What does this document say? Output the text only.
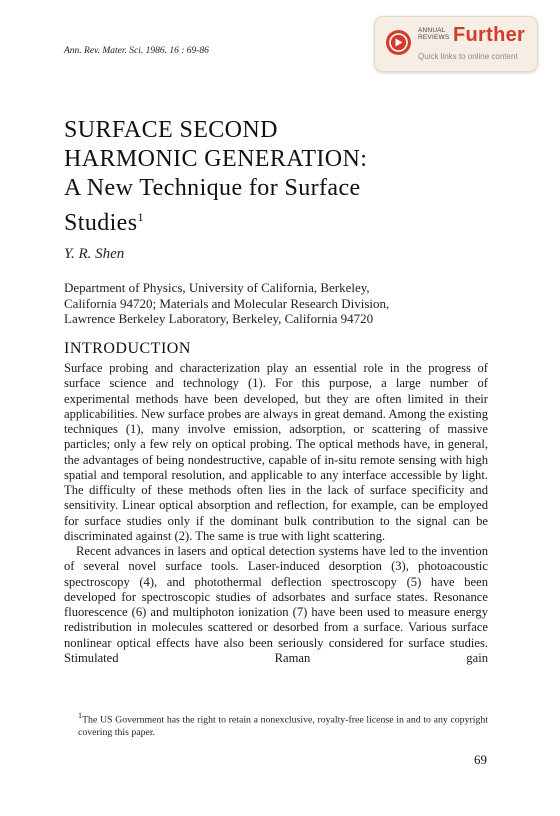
Ann. Rev. Mater. Sci. 1986. 16 : 69-86
ANNUAL
REVIEWS Further
Quick links to online content
SURFACE SECOND
HARMONIC GENERATION:
A New Technique for Surface
Studies$^1$
Y. R. Shen
Department of Physics, University of California, Berkeley,
California 94720; Materials and Molecular Research Division,
Lawrence Berkeley Laboratory, Berkeley, California 94720
INTRODUCTION

Surface probing and characterization play an essential role in the progress of surface science and technology (1). For this purpose, a large number of experimental methods have been developed, but they are often limited in their applicabilities. New surface probes are always in great demand. Among the existing techniques (1), many involve emission, adsorption, or scattering of massive particles; only a few rely on optical probing. The optical methods have, in general, the advantages of being nondestructive, capable of in-situ remote sensing with high spatial and temporal resolution, and applicable to any interface accessible by light. The difficulty of these methods often lies in the lack of surface specificity and sensitivity. Linear optical absorption and reflection, for example, can be employed for surface studies only if the dominant bulk contribution to the signal can be discriminated against (2). The same is true with light scattering.

Recent advances in lasers and optical detection systems have led to the invention of several novel surface tools. Laser-induced desorption (3), photoacoustic spectroscopy (4), and photothermal deflection spectroscopy (5) have been developed for spectroscopic studies of adsorbates and surface states. Resonance fluorescence (6) and multiphoton ionization (7) have been used to measure energy redistribution in molecules scattered or desorbed from a surface. Various surface nonlinear optical effects have also been seriously considered for surface studies. Stimulated Raman gain

$^1$The US Government has the right to retain a nonexclusive, royalty-free license in and to any copyright covering this paper.

69
